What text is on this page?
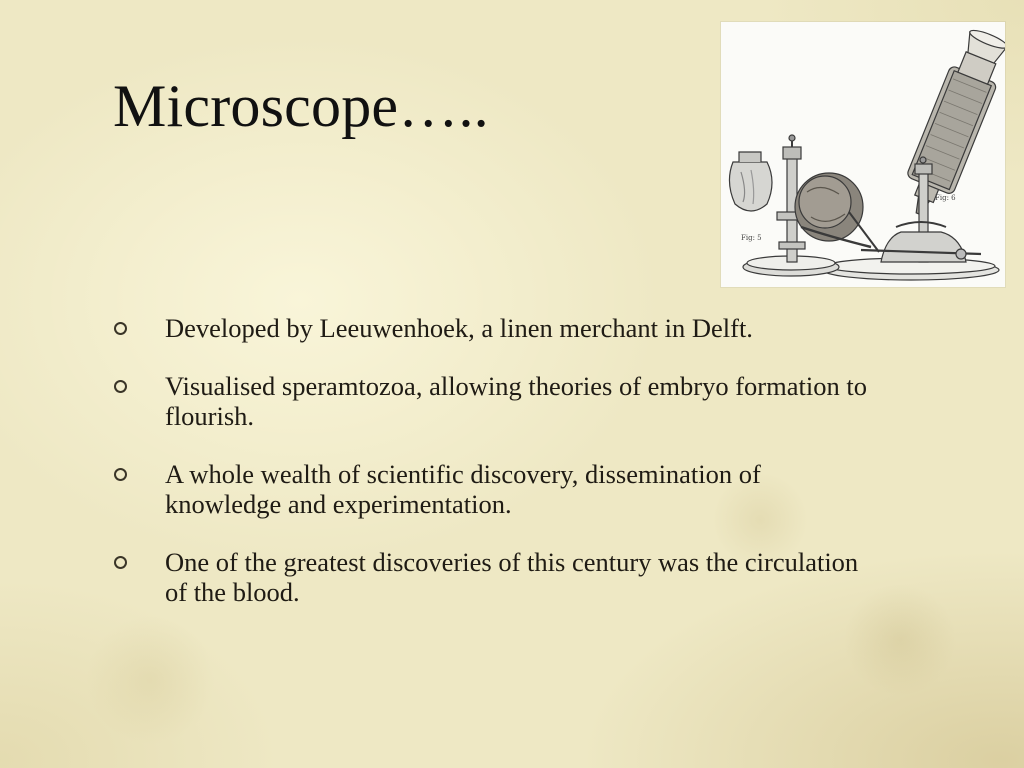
Microscope…..
Fig: 5
Fig: 6
Developed by Leeuwenhoek, a linen merchant in Delft.
Visualised speramtozoa, allowing theories of embryo formation to flourish.
A whole wealth of scientific discovery, dissemination of knowledge and experimentation.
One of the greatest discoveries of this century was the circulation of the blood.
